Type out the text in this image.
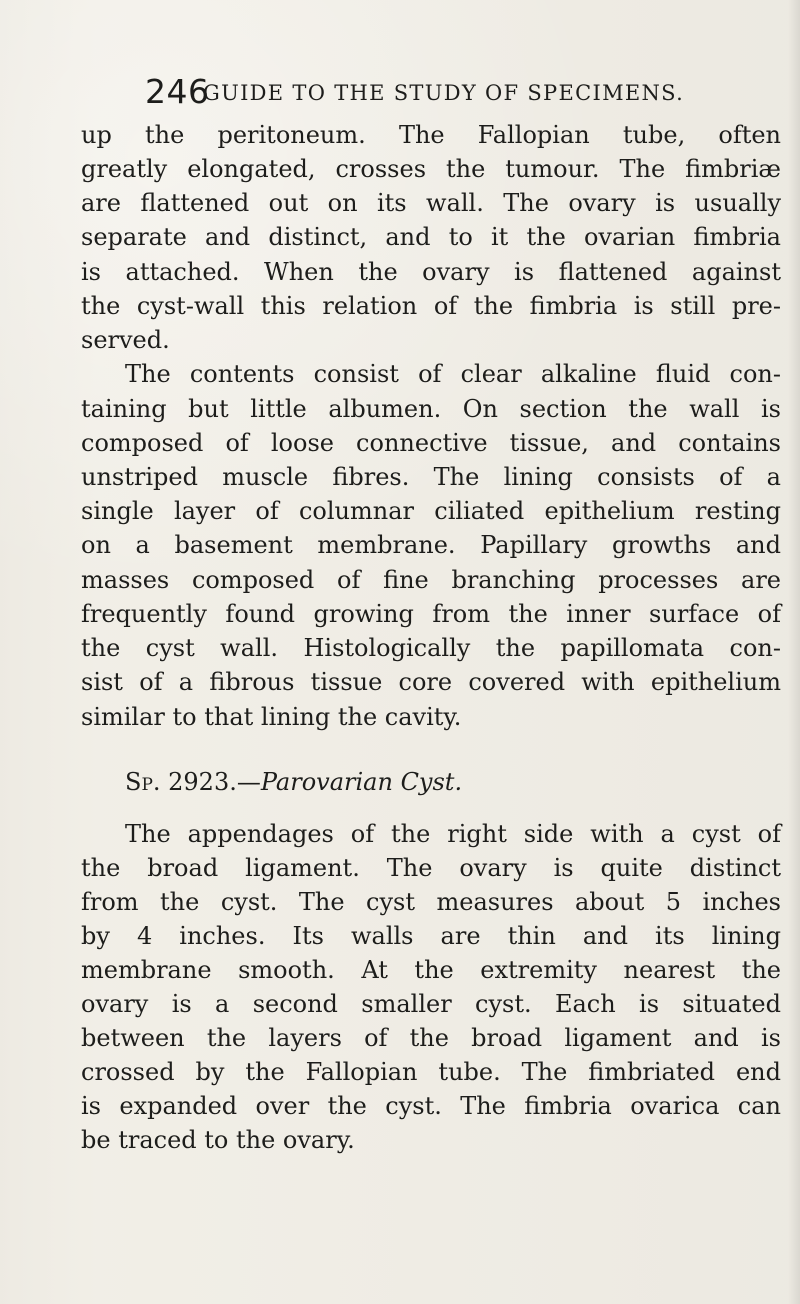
246
GUIDE TO THE STUDY OF SPECIMENS.
up the peritoneum. The Fallopian tube, often
greatly elongated, crosses the tumour. The fimbriæ
are flattened out on its wall. The ovary is usually
separate and distinct, and to it the ovarian fimbria
is attached. When the ovary is flattened against
the cyst-wall this relation of the fimbria is still pre-
served.
The contents consist of clear alkaline fluid con-
taining but little albumen. On section the wall is
composed of loose connective tissue, and contains
unstriped muscle fibres. The lining consists of a
single layer of columnar ciliated epithelium resting
on a basement membrane. Papillary growths and
masses composed of fine branching processes are
frequently found growing from the inner surface of
the cyst wall. Histologically the papillomata con-
sist of a fibrous tissue core covered with epithelium
similar to that lining the cavity.
Sp. 2923.—Parovarian Cyst.
The appendages of the right side with a cyst of
the broad ligament. The ovary is quite distinct
from the cyst. The cyst measures about 5 inches
by 4 inches. Its walls are thin and its lining
membrane smooth. At the extremity nearest the
ovary is a second smaller cyst. Each is situated
between the layers of the broad ligament and is
crossed by the Fallopian tube. The fimbriated end
is expanded over the cyst. The fimbria ovarica can
be traced to the ovary.
